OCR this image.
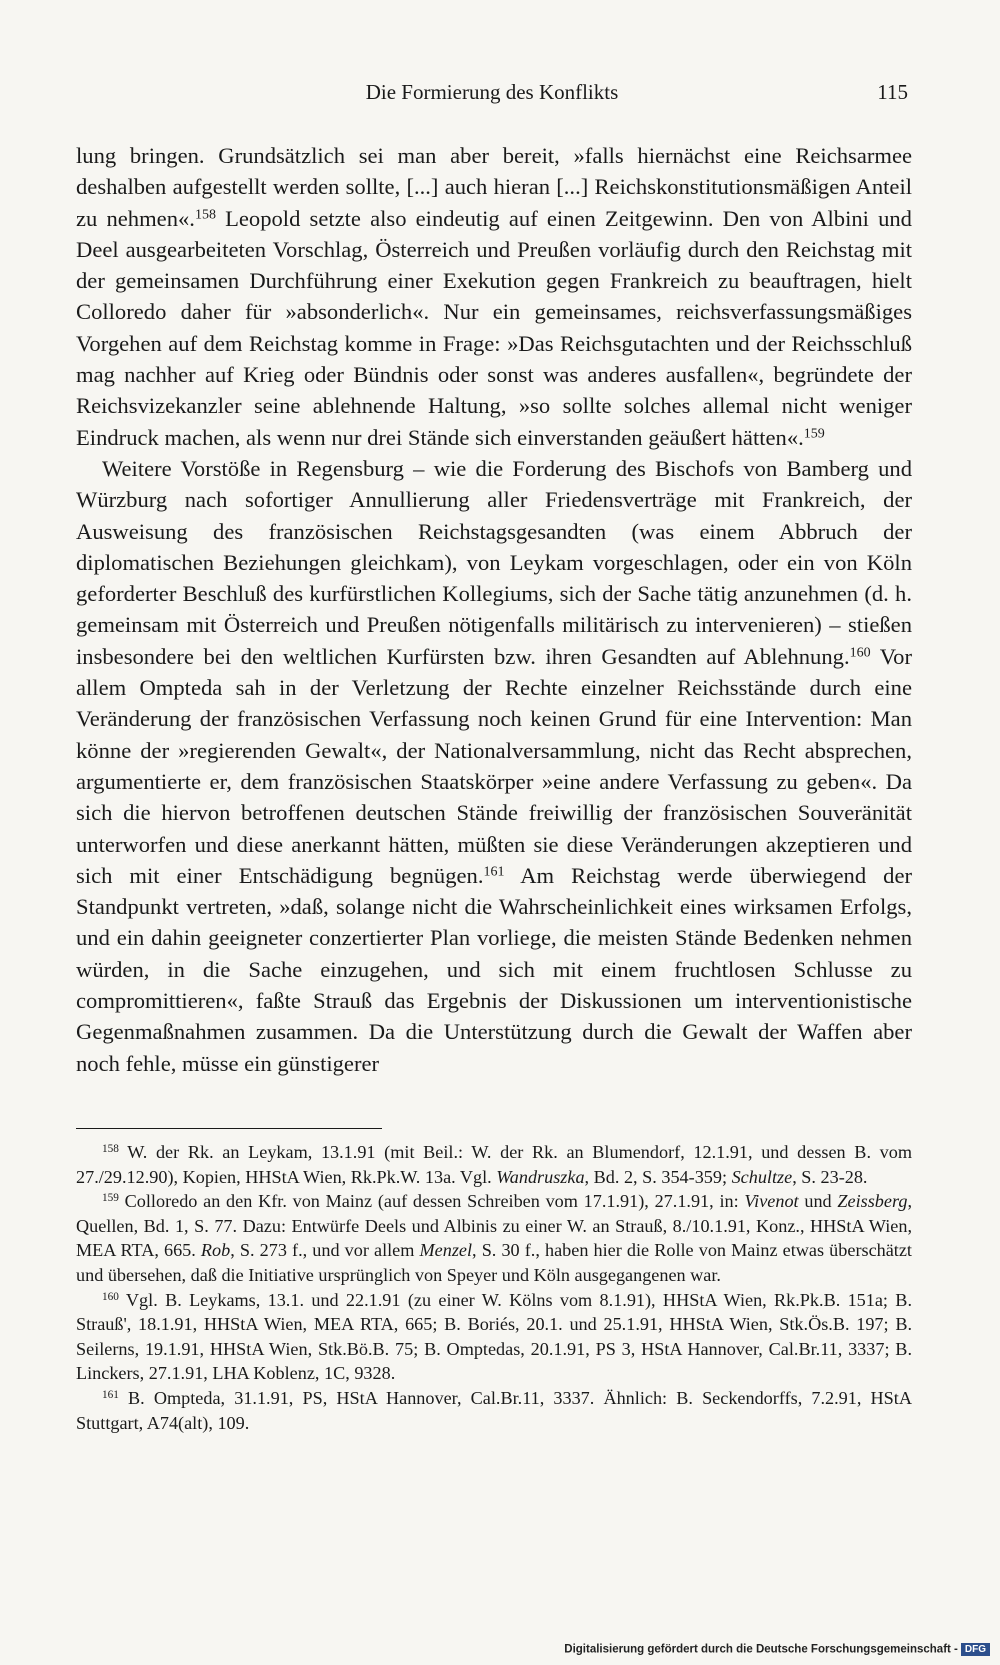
Die Formierung des Konflikts	115

lung bringen. Grundsätzlich sei man aber bereit, »falls hiernächst eine Reichsarmee deshalben aufgestellt werden sollte, [...] auch hieran [...] Reichskonstitutionsmäßigen Anteil zu nehmen«.$^{158}$ Leopold setzte also eindeutig auf einen Zeitgewinn. Den von Albini und Deel ausgearbeiteten Vorschlag, Österreich und Preußen vorläufig durch den Reichstag mit der gemeinsamen Durchführung einer Exekution gegen Frankreich zu beauftragen, hielt Colloredo daher für »absonderlich«. Nur ein gemeinsames, reichsverfassungsmäßiges Vorgehen auf dem Reichstag komme in Frage: »Das Reichsgutachten und der Reichsschluß mag nachher auf Krieg oder Bündnis oder sonst was anderes ausfallen«, begründete der Reichsvizekanzler seine ablehnende Haltung, »so sollte solches allemal nicht weniger Eindruck machen, als wenn nur drei Stände sich einverstanden geäußert hätten«.$^{159}$

Weitere Vorstöße in Regensburg – wie die Forderung des Bischofs von Bamberg und Würzburg nach sofortiger Annullierung aller Friedensverträge mit Frankreich, der Ausweisung des französischen Reichstagsgesandten (was einem Abbruch der diplomatischen Beziehungen gleichkam), von Leykam vorgeschlagen, oder ein von Köln geforderter Beschluß des kurfürstlichen Kollegiums, sich der Sache tätig anzunehmen (d. h. gemeinsam mit Österreich und Preußen nötigenfalls militärisch zu intervenieren) – stießen insbesondere bei den weltlichen Kurfürsten bzw. ihren Gesandten auf Ablehnung.$^{160}$ Vor allem Ompteda sah in der Verletzung der Rechte einzelner Reichsstände durch eine Veränderung der französischen Verfassung noch keinen Grund für eine Intervention: Man könne der »regierenden Gewalt«, der Nationalversammlung, nicht das Recht absprechen, argumentierte er, dem französischen Staatskörper »eine andere Verfassung zu geben«. Da sich die hiervon betroffenen deutschen Stände freiwillig der französischen Souveränität unterworfen und diese anerkannt hätten, müßten sie diese Veränderungen akzeptieren und sich mit einer Entschädigung begnügen.$^{161}$ Am Reichstag werde überwiegend der Standpunkt vertreten, »daß, solange nicht die Wahrscheinlichkeit eines wirksamen Erfolgs, und ein dahin geeigneter conzertierter Plan vorliege, die meisten Stände Bedenken nehmen würden, in die Sache einzugehen, und sich mit einem fruchtlosen Schlusse zu compromittieren«, faßte Strauß das Ergebnis der Diskussionen um interventionistische Gegenmaßnahmen zusammen. Da die Unterstützung durch die Gewalt der Waffen aber noch fehle, müsse ein günstigerer

$^{158}$ W. der Rk. an Leykam, 13.1.91 (mit Beil.: W. der Rk. an Blumendorf, 12.1.91, und dessen B. vom 27./29.12.90), Kopien, HHStA Wien, Rk.Pk.W. 13a. Vgl. Wandruszka, Bd. 2, S. 354-359; Schultze, S. 23-28.

$^{159}$ Colloredo an den Kfr. von Mainz (auf dessen Schreiben vom 17.1.91), 27.1.91, in: Vivenot und Zeissberg, Quellen, Bd. 1, S. 77. Dazu: Entwürfe Deels und Albinis zu einer W. an Strauß, 8./10.1.91, Konz., HHStA Wien, MEA RTA, 665. Rob, S. 273 f., und vor allem Menzel, S. 30 f., haben hier die Rolle von Mainz etwas überschätzt und übersehen, daß die Initiative ursprünglich von Speyer und Köln ausgegangenen war.

$^{160}$ Vgl. B. Leykams, 13.1. und 22.1.91 (zu einer W. Kölns vom 8.1.91), HHStA Wien, Rk.Pk.B. 151a; B. Strauß', 18.1.91, HHStA Wien, MEA RTA, 665; B. Boriés, 20.1. und 25.1.91, HHStA Wien, Stk.Ös.B. 197; B. Seilerns, 19.1.91, HHStA Wien, Stk.Bö.B. 75; B. Omptedas, 20.1.91, PS 3, HStA Hannover, Cal.Br.11, 3337; B. Linckers, 27.1.91, LHA Koblenz, 1C, 9328.

$^{161}$ B. Ompteda, 31.1.91, PS, HStA Hannover, Cal.Br.11, 3337. Ähnlich: B. Seckendorffs, 7.2.91, HStA Stuttgart, A74(alt), 109.

Digitalisierung gefördert durch die Deutsche Forschungsgemeinschaft - DFG
